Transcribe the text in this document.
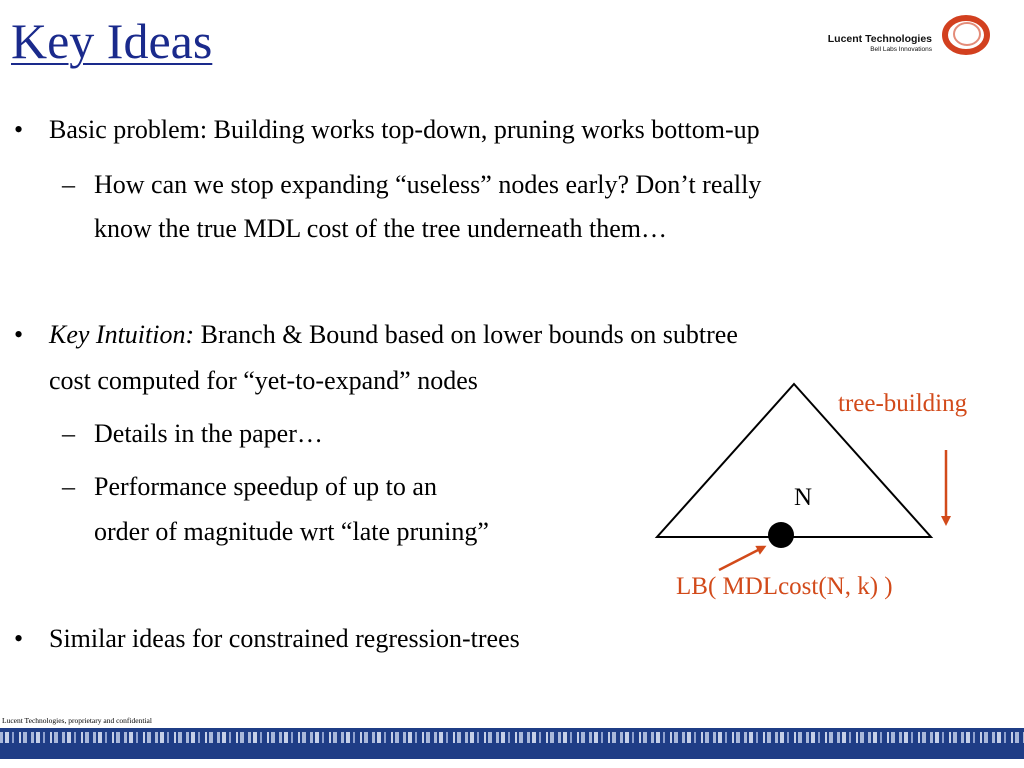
Key Ideas	Lucent Technologies
Bell Labs Innovations
• Basic problem: Building works top-down, pruning works bottom-up
– How can we stop expanding “useless” nodes early? Don’t really
know the true MDL cost of the tree underneath them…
• Key Intuition: Branch & Bound based on lower bounds on subtree
cost computed for “yet-to-expand” nodes
– Details in the paper…
– Performance speedup of up to an
order of magnitude wrt “late pruning”
• Similar ideas for constrained regression-trees
tree-building
N
LB( MDLcost(N, k) )
Lucent Technologies, proprietary and confidential
